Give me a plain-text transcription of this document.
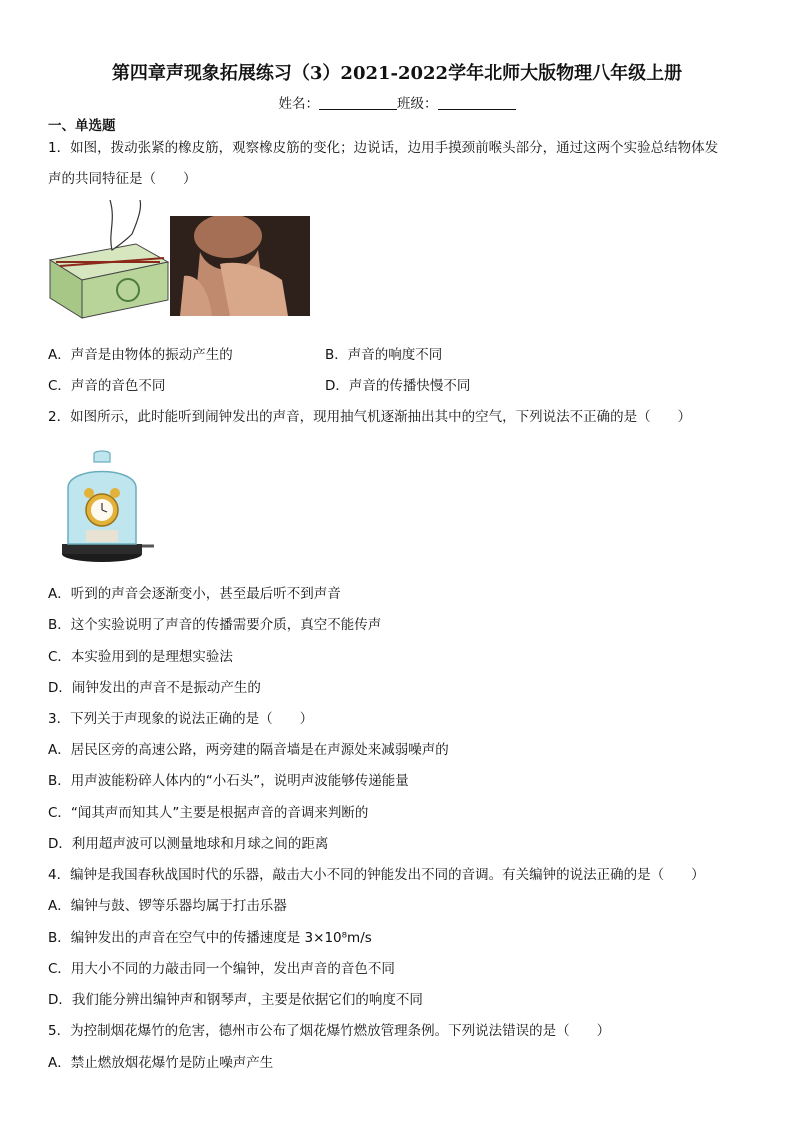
第四章声现象拓展练习（3）2021-2022学年北师大版物理八年级上册
姓名：	班级：
一、单选题
1．如图，拨动张紧的橡皮筋，观察橡皮筋的变化；边说话，边用手摸颈前喉头部分，通过这两个实验总结物体发
声的共同特征是（　　）
A．声音是由物体的振动产生的	B．声音的响度不同
C．声音的音色不同	D．声音的传播快慢不同
2．如图所示，此时能听到闹钟发出的声音，现用抽气机逐渐抽出其中的空气，下列说法不正确的是（　　）
A．听到的声音会逐渐变小，甚至最后听不到声音
B．这个实验说明了声音的传播需要介质，真空不能传声
C．本实验用到的是理想实验法
D．闹钟发出的声音不是振动产生的
3．下列关于声现象的说法正确的是（　　）
A．居民区旁的高速公路，两旁建的隔音墙是在声源处来减弱噪声的
B．用声波能粉碎人体内的“小石头”，说明声波能够传递能量
C．“闻其声而知其人”主要是根据声音的音调来判断的
D．利用超声波可以测量地球和月球之间的距离
4．编钟是我国春秋战国时代的乐器，敲击大小不同的钟能发出不同的音调。有关编钟的说法正确的是（　　）
A．编钟与鼓、锣等乐器均属于打击乐器
B．编钟发出的声音在空气中的传播速度是 3×10⁸m/s
C．用大小不同的力敲击同一个编钟，发出声音的音色不同
D．我们能分辨出编钟声和钢琴声，主要是依据它们的响度不同
5．为控制烟花爆竹的危害，德州市公布了烟花爆竹燃放管理条例。下列说法错误的是（　　）
A．禁止燃放烟花爆竹是防止噪声产生
